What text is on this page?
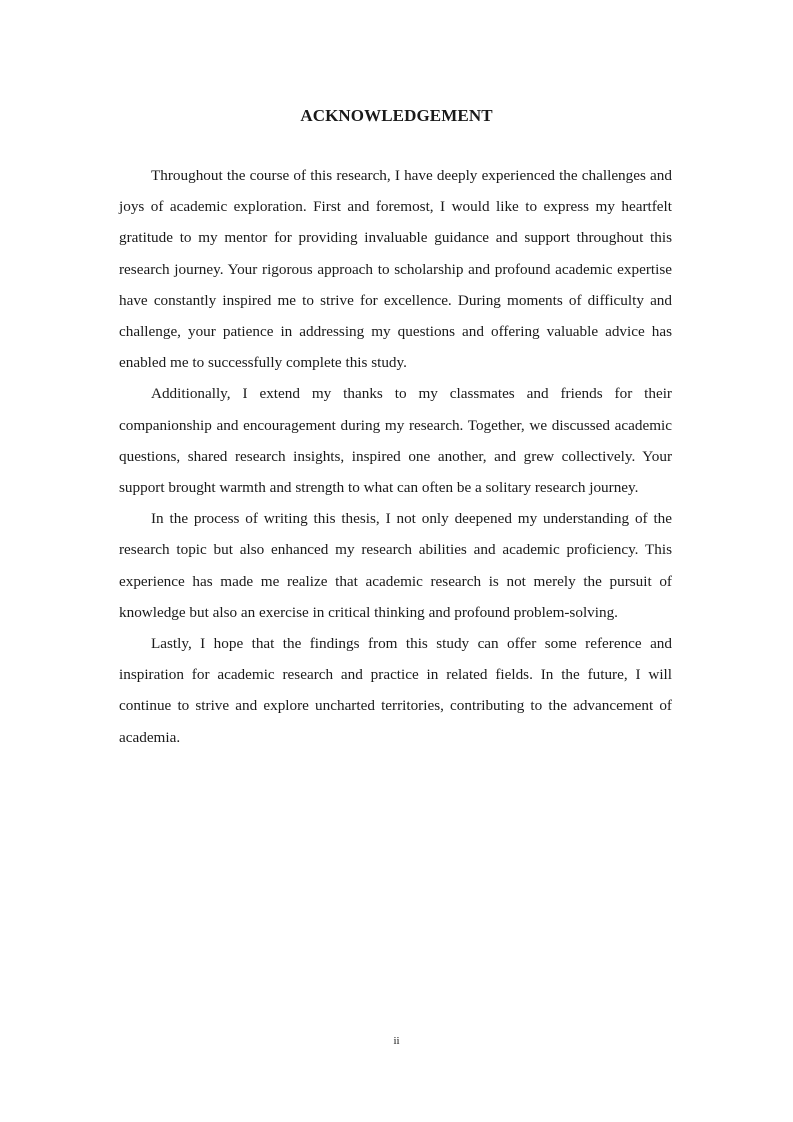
ACKNOWLEDGEMENT

Throughout the course of this research, I have deeply experienced the challenges and joys of academic exploration. First and foremost, I would like to express my heartfelt gratitude to my mentor for providing invaluable guidance and support throughout this research journey. Your rigorous approach to scholarship and profound academic expertise have constantly inspired me to strive for excellence. During moments of difficulty and challenge, your patience in addressing my questions and offering valuable advice has enabled me to successfully complete this study.

Additionally, I extend my thanks to my classmates and friends for their companionship and encouragement during my research. Together, we discussed academic questions, shared research insights, inspired one another, and grew collectively. Your support brought warmth and strength to what can often be a solitary research journey.

In the process of writing this thesis, I not only deepened my understanding of the research topic but also enhanced my research abilities and academic proficiency. This experience has made me realize that academic research is not merely the pursuit of knowledge but also an exercise in critical thinking and profound problem-solving.

Lastly, I hope that the findings from this study can offer some reference and inspiration for academic research and practice in related fields. In the future, I will continue to strive and explore uncharted territories, contributing to the advancement of academia.

ii
